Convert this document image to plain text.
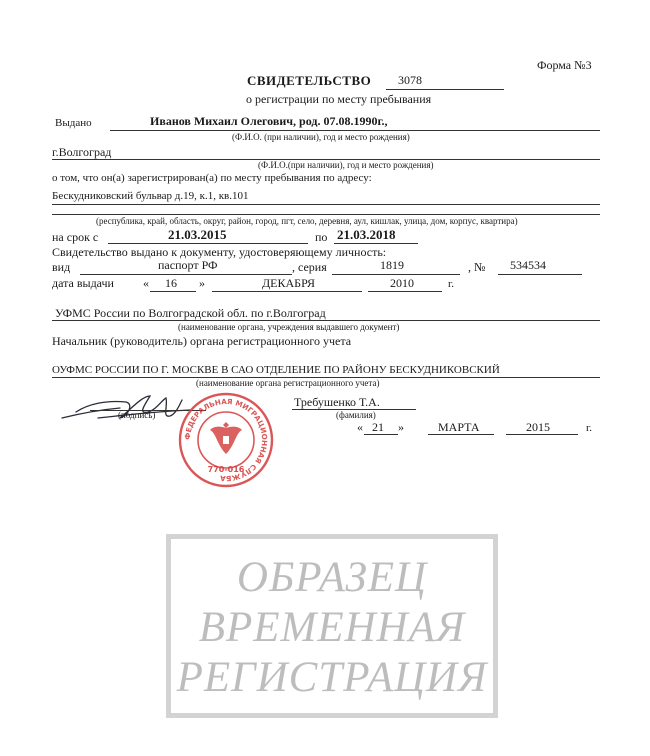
Форма №3
СВИДЕТЕЛЬСТВО 3078
о регистрации по месту пребывания
Выдано	Иванов Михаил Олегович, род. 07.08.1990г.,
(Ф.И.О. (при наличии), год и место рождения)
г.Волгоград
(Ф.И.О.(при наличии), год и место рождения)
о том, что он(а) зарегистрирован(а) по месту пребывания по адресу:
Бескудниковский бульвар д.19, к.1, кв.101
(республика, край, область, округ, район, город, пгт, село, деревня, аул, кишлак, улица, дом, корпус, квартира)
на срок с	21.03.2015	по 21.03.2018
Свидетельство выдано к документу, удостоверяющему личность:
вид	паспорт РФ	, серия	1819	, № 534534
дата выдачи « 16 »	ДЕКАБРЯ	2010	г.
УФМС России по Волгоградской обл. по г.Волгоград
(наименование органа, учреждения выдавшего документ)
Начальник (руководитель) органа регистрационного учета
ОУФМС РОССИИ ПО Г. МОСКВЕ В САО ОТДЕЛЕНИЕ ПО РАЙОНУ БЕСКУДНИКОВСКИЙ
(наименование органа регистрационного учета)
(подпись)
Требушенко Т.А.
(фамилия)
« 21 »	МАРТА	2015	г.
ФЕДЕРАЛЬНАЯ МИГРАЦИОННАЯ СЛУЖБА
770-016
ОБРАЗЕЦ
ВРЕМЕННАЯ
РЕГИСТРАЦИЯ
